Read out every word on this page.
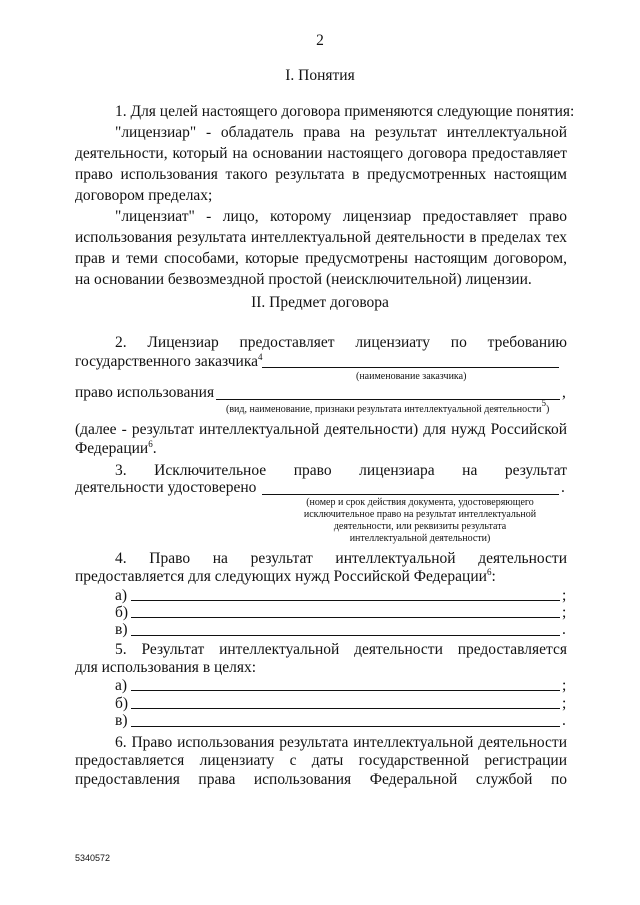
2
I. Понятия
1. Для целей настоящего договора применяются следующие понятия:
"лицензиар" - обладатель права на результат интеллектуальной
деятельности, который на основании настоящего договора предоставляет
право использования такого результата в предусмотренных настоящим
договором пределах;
"лицензиат" - лицо, которому лицензиар предоставляет право
использования результата интеллектуальной деятельности в пределах тех
прав и теми способами, которые предусмотрены настоящим договором,
на основании безвозмездной простой (неисключительной) лицензии.
II. Предмет договора
2. Лицензиар предоставляет лицензиату по требованию
государственного заказчика$^4$
(наименование заказчика)
право использования	,
(вид, наименование, признаки результата интеллектуальной деятельности$^5$)
(далее - результат интеллектуальной деятельности) для нужд Российской
Федерации$^6$.
3. Исключительное право лицензиара на результат
деятельности удостоверено	.
(номер и срок действия документа, удостоверяющего
исключительное право на результат интеллектуальной
деятельности, или реквизиты результата
интеллектуальной деятельности)
4. Право на результат интеллектуальной деятельности
предоставляется для следующих нужд Российской Федерации$^6$:
а)	;
б)	;
в)	.
5. Результат интеллектуальной деятельности предоставляется
для использования в целях:
а)	;
б)	;
в)	.
6. Право использования результата интеллектуальной деятельности
предоставляется лицензиату с даты государственной регистрации
предоставления права использования Федеральной службой по
5340572
